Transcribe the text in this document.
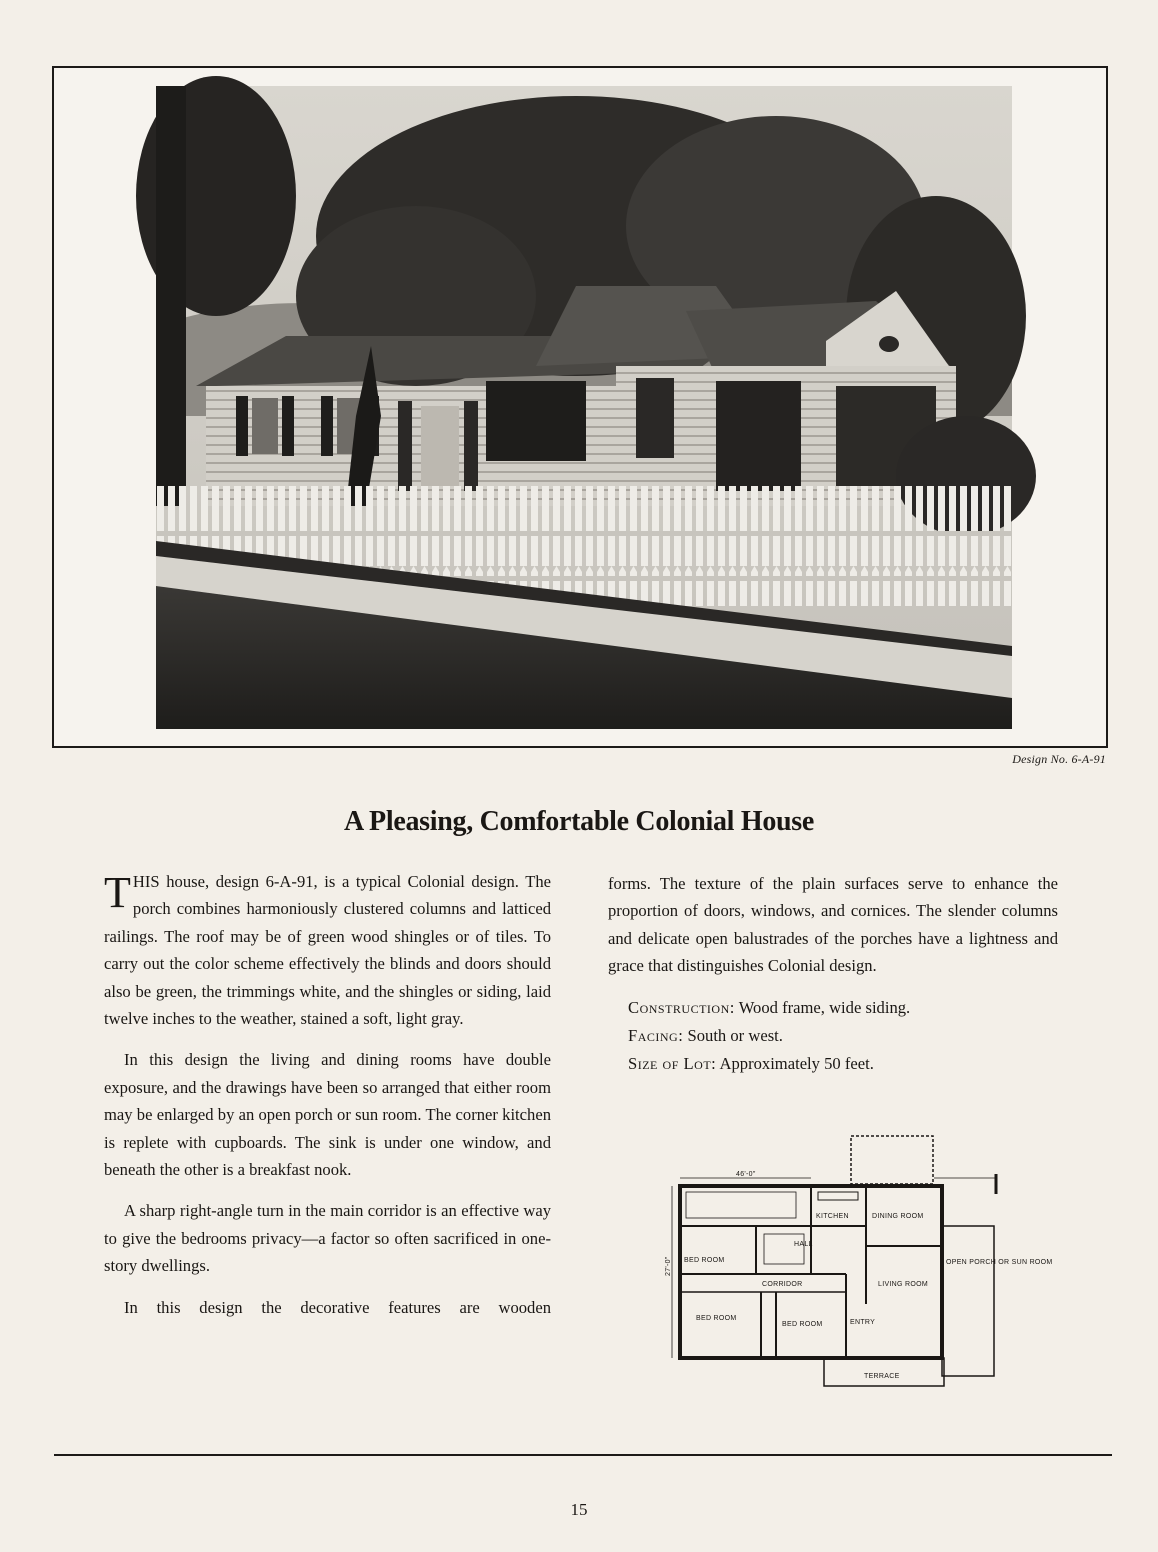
Design No. 6-A-91
A Pleasing, Comfortable Colonial House

THIS house, design 6-A-91, is a typical Colonial design. The porch combines harmoniously clustered columns and latticed railings. The roof may be of green wood shingles or of tiles. To carry out the color scheme effectively the blinds and doors should also be green, the trimmings white, and the shingles or siding, laid twelve inches to the weather, stained a soft, light gray.

In this design the living and dining rooms have double exposure, and the drawings have been so arranged that either room may be enlarged by an open porch or sun room. The corner kitchen is replete with cupboards. The sink is under one window, and beneath the other is a breakfast nook.

A sharp right-angle turn in the main corridor is an effective way to give the bedrooms privacy—a factor so often sacrificed in one-story dwellings.

In this design the decorative features are wooden

forms. The texture of the plain surfaces serve to enhance the proportion of doors, windows, and cornices. The slender columns and delicate open balustrades of the porches have a lightness and grace that distinguishes Colonial design.

Construction: Wood frame, wide siding.
Facing: South or west.
Size of Lot: Approximately 50 feet.
DINING ROOM
KITCHEN
LIVING ROOM
BED ROOM
BED ROOM
BED ROOM
CORRIDOR
HALL
ENTRY
OPEN PORCH OR SUN ROOM
TERRACE
46'-0"
27'-0"
15
